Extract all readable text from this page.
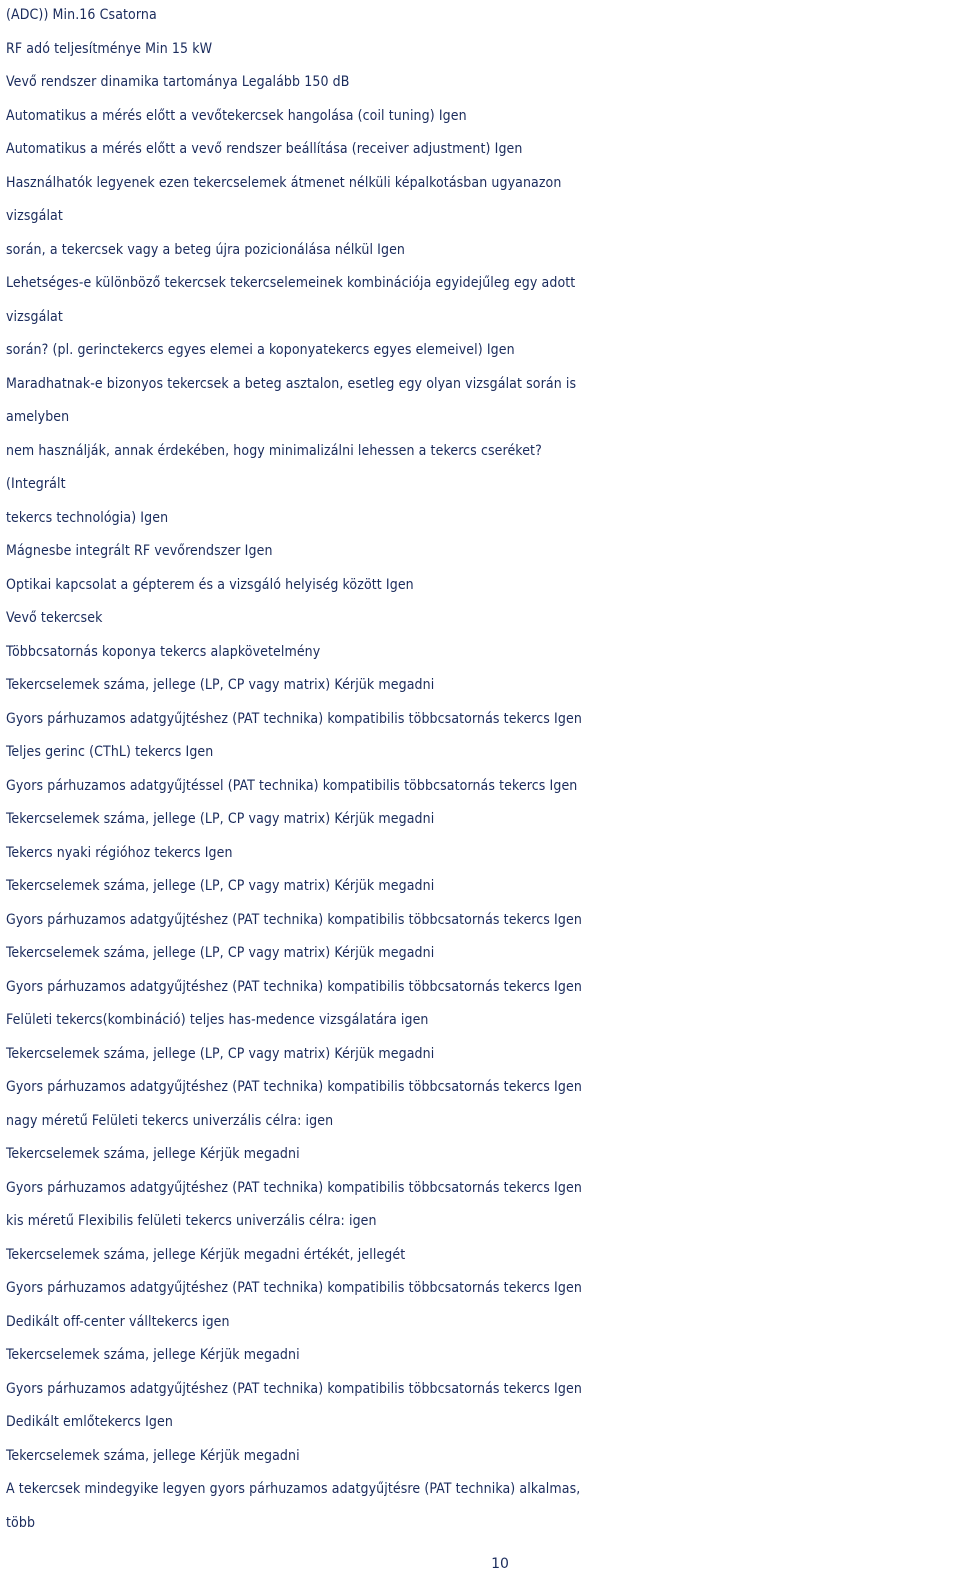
(ADC)) Min.16 Csatorna
RF adó teljesítménye Min 15 kW
Vevő rendszer dinamika tartománya Legalább 150 dB
Automatikus a mérés előtt a vevőtekercsek hangolása (coil tuning) Igen
Automatikus a mérés előtt a vevő rendszer beállítása (receiver adjustment) Igen
Használhatók legyenek ezen tekercselemek átmenet nélküli képalkotásban ugyanazon
vizsgálat
során, a tekercsek vagy a beteg újra pozicionálása nélkül Igen
Lehetséges-e különböző tekercsek tekercselemeinek kombinációja egyidejűleg egy adott
vizsgálat
során? (pl. gerinctekercs egyes elemei a koponyatekercs egyes elemeivel) Igen
Maradhatnak-e bizonyos tekercsek a beteg asztalon, esetleg egy olyan vizsgálat során is
amelyben
nem használják, annak érdekében, hogy minimalizálni lehessen a tekercs cseréket?
(Integrált
tekercs technológia) Igen
Mágnesbe integrált RF vevőrendszer Igen
Optikai kapcsolat a gépterem és a vizsgáló helyiség között Igen
Vevő tekercsek
Többcsatornás koponya tekercs alapkövetelmény
Tekercselemek száma, jellege (LP, CP vagy matrix) Kérjük megadni
Gyors párhuzamos adatgyűjtéshez (PAT technika) kompatibilis többcsatornás tekercs Igen
Teljes gerinc (CThL) tekercs Igen
Gyors párhuzamos adatgyűjtéssel (PAT technika) kompatibilis többcsatornás tekercs Igen
Tekercselemek száma, jellege (LP, CP vagy matrix) Kérjük megadni
Tekercs nyaki régióhoz tekercs Igen
Tekercselemek száma, jellege (LP, CP vagy matrix) Kérjük megadni
Gyors párhuzamos adatgyűjtéshez (PAT technika) kompatibilis többcsatornás tekercs Igen
Tekercselemek száma, jellege (LP, CP vagy matrix) Kérjük megadni
Gyors párhuzamos adatgyűjtéshez (PAT technika) kompatibilis többcsatornás tekercs Igen
Felületi tekercs(kombináció) teljes has-medence vizsgálatára igen
Tekercselemek száma, jellege (LP, CP vagy matrix) Kérjük megadni
Gyors párhuzamos adatgyűjtéshez (PAT technika) kompatibilis többcsatornás tekercs Igen
nagy méretű Felületi tekercs univerzális célra: igen
Tekercselemek száma, jellege Kérjük megadni
Gyors párhuzamos adatgyűjtéshez (PAT technika) kompatibilis többcsatornás tekercs Igen
kis méretű Flexibilis felületi tekercs univerzális célra: igen
Tekercselemek száma, jellege Kérjük megadni értékét, jellegét
Gyors párhuzamos adatgyűjtéshez (PAT technika) kompatibilis többcsatornás tekercs Igen
Dedikált off-center válltekercs igen
Tekercselemek száma, jellege Kérjük megadni
Gyors párhuzamos adatgyűjtéshez (PAT technika) kompatibilis többcsatornás tekercs Igen
Dedikált emlőtekercs Igen
Tekercselemek száma, jellege Kérjük megadni
A tekercsek mindegyike legyen gyors párhuzamos adatgyűjtésre (PAT technika) alkalmas,
több
10
